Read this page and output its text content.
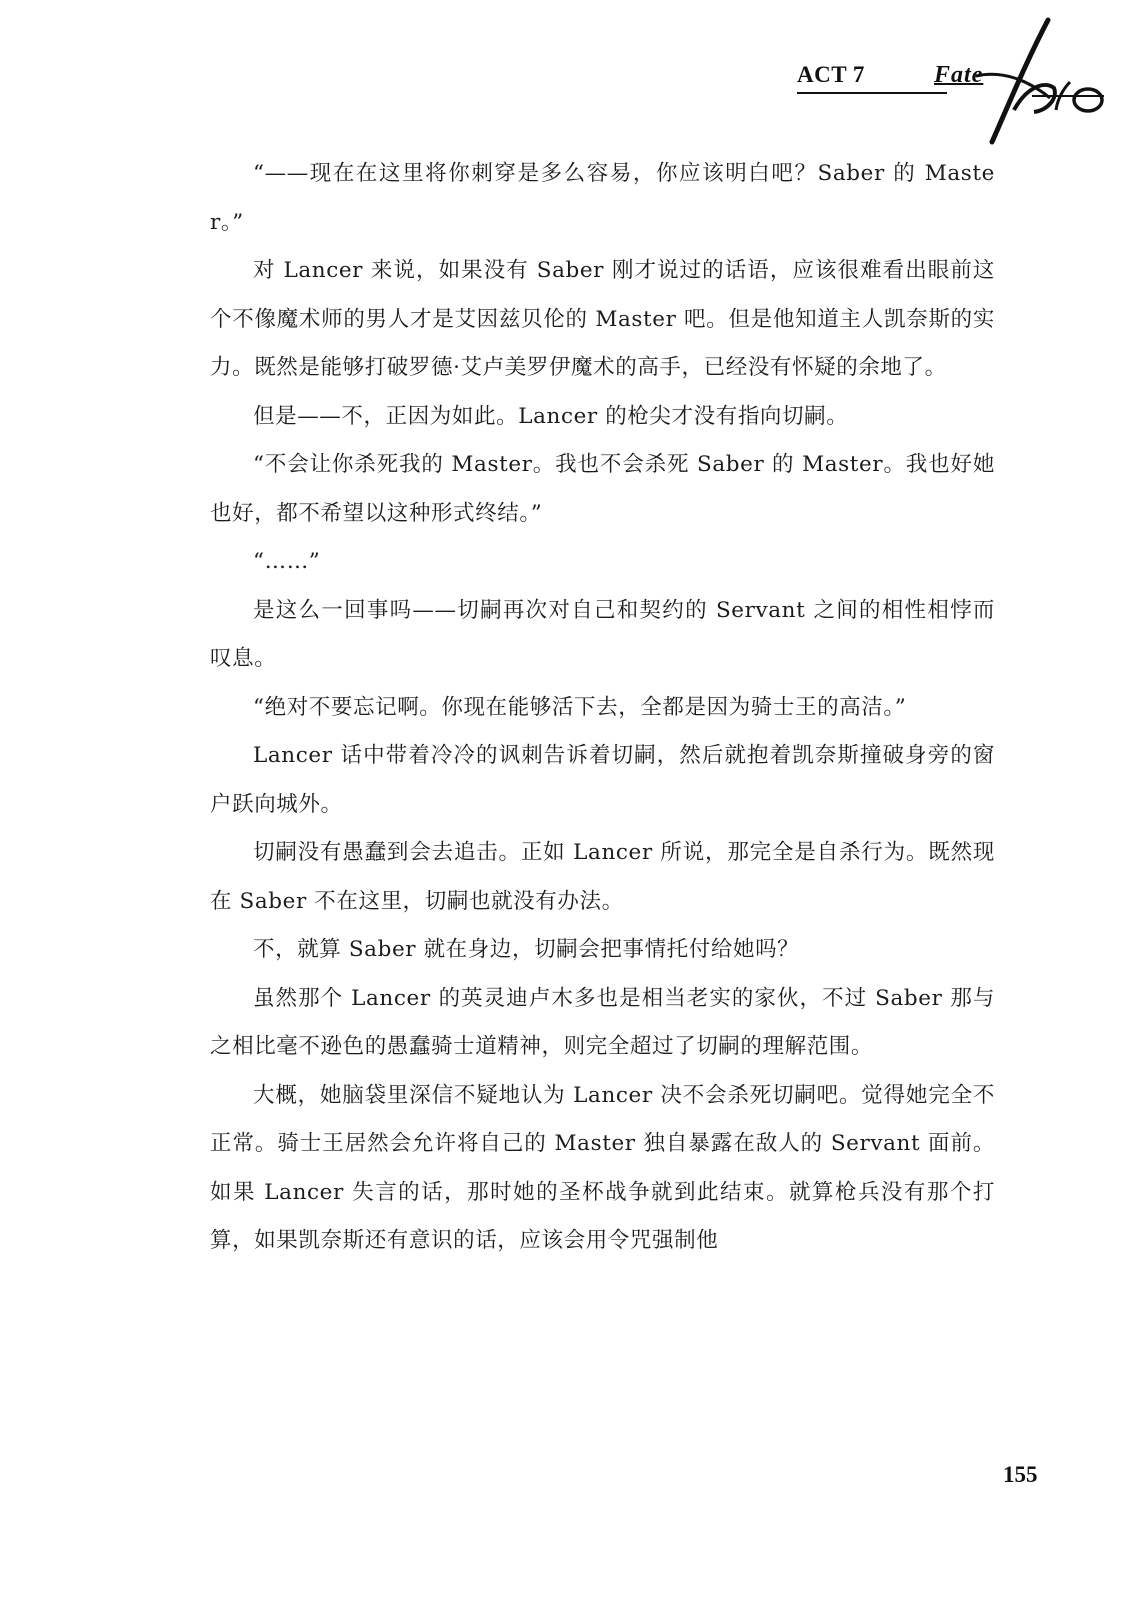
ACT 7	Fate

“——现在在这里将你刺穿是多么容易，你应该明白吧？Saber 的 Master。”

对 Lancer 来说，如果没有 Saber 刚才说过的话语，应该很难看出眼前这个不像魔术师的男人才是艾因兹贝伦的 Master 吧。但是他知道主人凯奈斯的实力。既然是能够打破罗德·艾卢美罗伊魔术的高手，已经没有怀疑的余地了。

但是——不，正因为如此。Lancer 的枪尖才没有指向切嗣。

“不会让你杀死我的 Master。我也不会杀死 Saber 的 Master。我也好她也好，都不希望以这种形式终结。”

“……”

是这么一回事吗——切嗣再次对自己和契约的 Servant 之间的相性相悖而叹息。

“绝对不要忘记啊。你现在能够活下去，全都是因为骑士王的高洁。”

Lancer 话中带着冷冷的讽刺告诉着切嗣，然后就抱着凯奈斯撞破身旁的窗户跃向城外。

切嗣没有愚蠢到会去追击。正如 Lancer 所说，那完全是自杀行为。既然现在 Saber 不在这里，切嗣也就没有办法。

不，就算 Saber 就在身边，切嗣会把事情托付给她吗？

虽然那个 Lancer 的英灵迪卢木多也是相当老实的家伙，不过 Saber 那与之相比毫不逊色的愚蠢骑士道精神，则完全超过了切嗣的理解范围。

大概，她脑袋里深信不疑地认为 Lancer 决不会杀死切嗣吧。觉得她完全不正常。骑士王居然会允许将自己的 Master 独自暴露在敌人的 Servant 面前。如果 Lancer 失言的话，那时她的圣杯战争就到此结束。就算枪兵没有那个打算，如果凯奈斯还有意识的话，应该会用令咒强制他

155
